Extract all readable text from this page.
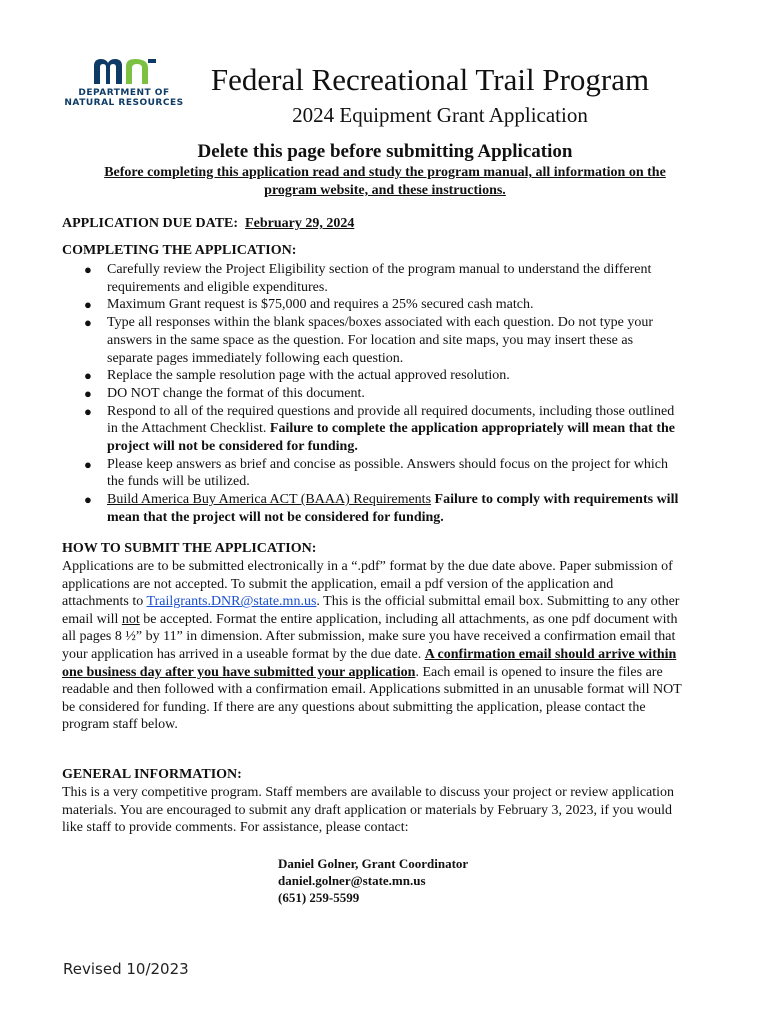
DEPARTMENT OF
NATURAL RESOURCES
Federal Recreational Trail Program
2024 Equipment Grant Application
Delete this page before submitting Application
Before completing this application read and study the program manual, all information on the
program website, and these instructions.
APPLICATION DUE DATE: February 29, 2024
COMPLETING THE APPLICATION:
● Carefully review the Project Eligibility section of the program manual to understand the different requirements and eligible expenditures.
● Maximum Grant request is $75,000 and requires a 25% secured cash match.
● Type all responses within the blank spaces/boxes associated with each question. Do not type your answers in the same space as the question. For location and site maps, you may insert these as separate pages immediately following each question.
● Replace the sample resolution page with the actual approved resolution.
● DO NOT change the format of this document.
● Respond to all of the required questions and provide all required documents, including those outlined in the Attachment Checklist. Failure to complete the application appropriately will mean that the project will not be considered for funding.
● Please keep answers as brief and concise as possible. Answers should focus on the project for which the funds will be utilized.
● Build America Buy America ACT (BAAA) Requirements Failure to comply with requirements will mean that the project will not be considered for funding.
HOW TO SUBMIT THE APPLICATION:
Applications are to be submitted electronically in a “.pdf” format by the due date above. Paper submission of applications are not accepted. To submit the application, email a pdf version of the application and attachments to Trailgrants.DNR@state.mn.us. This is the official submittal email box. Submitting to any other email will not be accepted. Format the entire application, including all attachments, as one pdf document with all pages 8 ½” by 11” in dimension. After submission, make sure you have received a confirmation email that your application has arrived in a useable format by the due date. A confirmation email should arrive within one business day after you have submitted your application. Each email is opened to insure the files are readable and then followed with a confirmation email. Applications submitted in an unusable format will NOT be considered for funding. If there are any questions about submitting the application, please contact the program staff below.
GENERAL INFORMATION:
This is a very competitive program. Staff members are available to discuss your project or review application materials. You are encouraged to submit any draft application or materials by February 3, 2023, if you would like staff to provide comments. For assistance, please contact:
Daniel Golner, Grant Coordinator
daniel.golner@state.mn.us
(651) 259-5599
Revised 10/2023
